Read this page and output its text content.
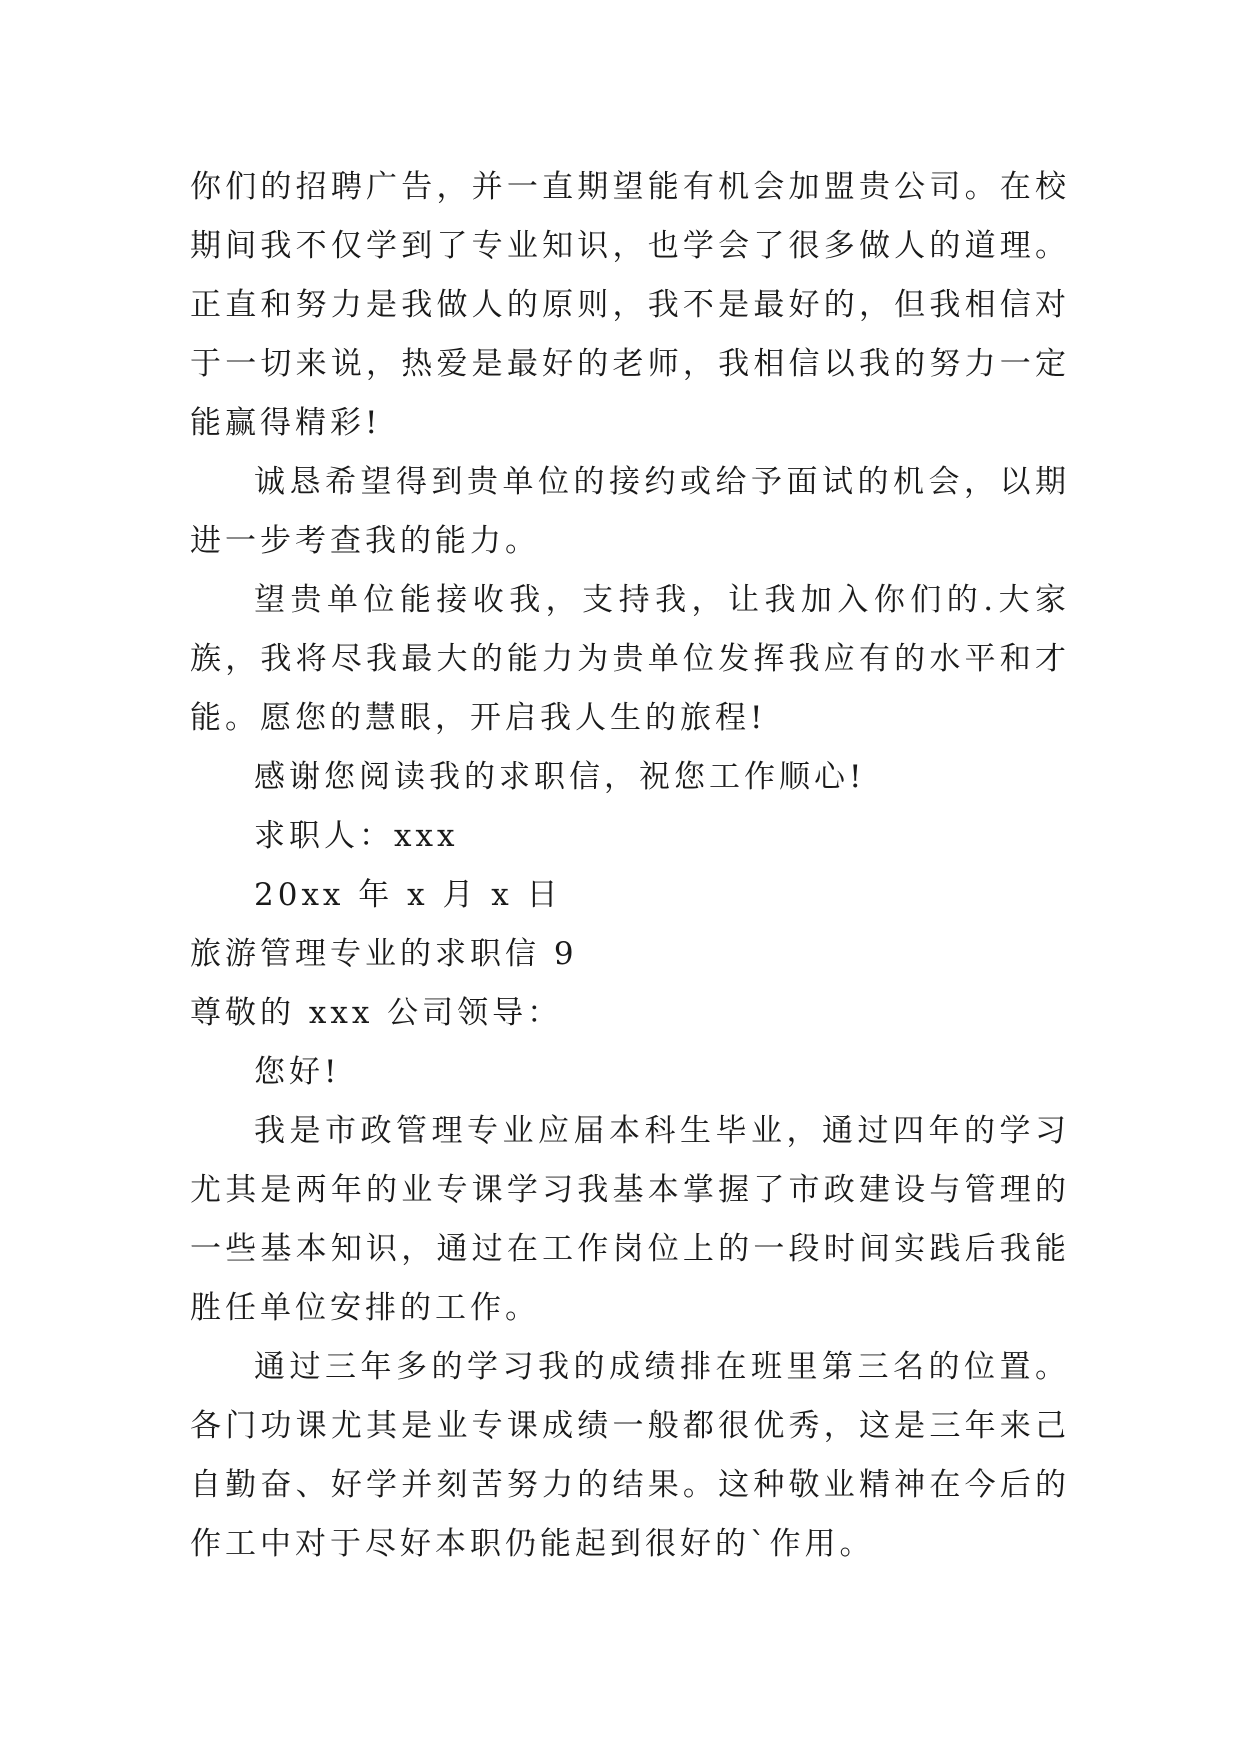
你们的招聘广告，并一直期望能有机会加盟贵公司。在校期间我不仅学到了专业知识，也学会了很多做人的道理。正直和努力是我做人的原则，我不是最好的，但我相信对于一切来说，热爱是最好的老师，我相信以我的努力一定能赢得精彩!

诚恳希望得到贵单位的接约或给予面试的机会，以期进一步考查我的能力。

望贵单位能接收我，支持我，让我加入你们的.大家族，我将尽我最大的能力为贵单位发挥我应有的水平和才能。愿您的慧眼，开启我人生的旅程!

感谢您阅读我的求职信，祝您工作顺心!

求职人：xxx

20xx 年 x 月 x 日

旅游管理专业的求职信 9

尊敬的 xxx 公司领导：

您好!

我是市政管理专业应届本科生毕业，通过四年的学习尤其是两年的业专课学习我基本掌握了市政建设与管理的一些基本知识，通过在工作岗位上的一段时间实践后我能胜任单位安排的工作。

通过三年多的学习我的成绩排在班里第三名的位置。各门功课尤其是业专课成绩一般都很优秀，这是三年来己自勤奋、好学并刻苦努力的结果。这种敬业精神在今后的作工中对于尽好本职仍能起到很好的`作用。
